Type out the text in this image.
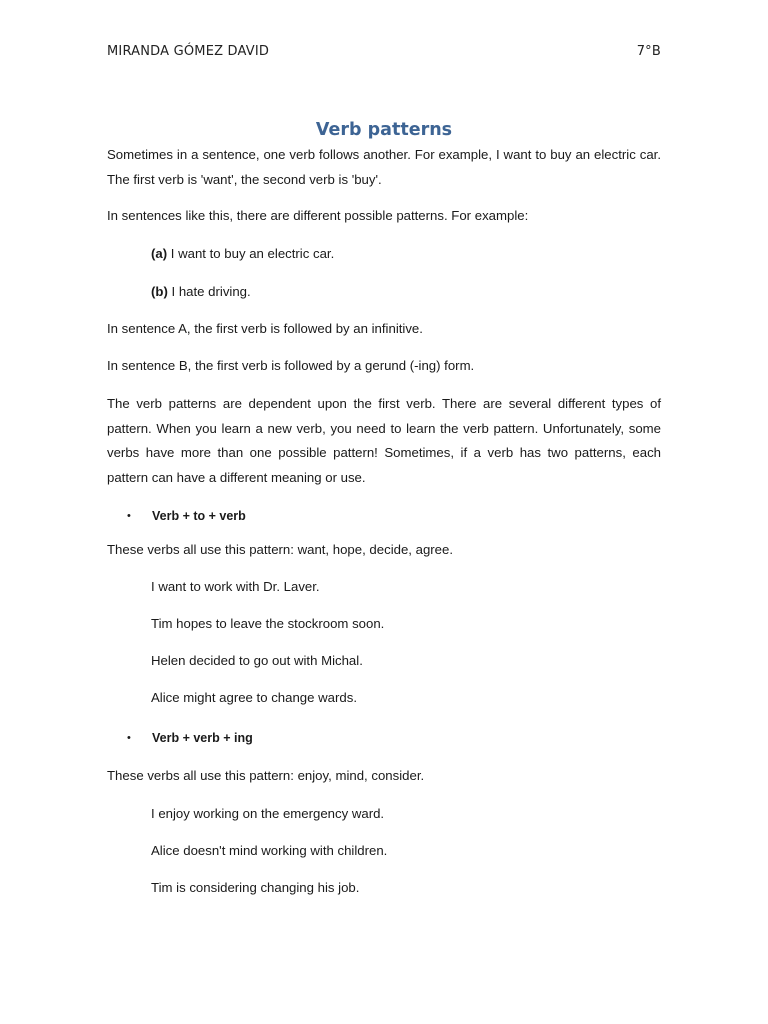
MIRANDA GÓMEZ DAVID	7°B
Verb patterns

Sometimes in a sentence, one verb follows another. For example, I want to buy an electric car. The first verb is 'want', the second verb is 'buy'.

In sentences like this, there are different possible patterns. For example:

(a) I want to buy an electric car.

(b) I hate driving.

In sentence A, the first verb is followed by an infinitive.

In sentence B, the first verb is followed by a gerund (-ing) form.

The verb patterns are dependent upon the first verb. There are several different types of pattern. When you learn a new verb, you need to learn the verb pattern. Unfortunately, some verbs have more than one possible pattern! Sometimes, if a verb has two patterns, each pattern can have a different meaning or use.

• Verb + to + verb

These verbs all use this pattern: want, hope, decide, agree.

I want to work with Dr. Laver.

Tim hopes to leave the stockroom soon.

Helen decided to go out with Michal.

Alice might agree to change wards.

• Verb + verb + ing

These verbs all use this pattern: enjoy, mind, consider.

I enjoy working on the emergency ward.

Alice doesn't mind working with children.

Tim is considering changing his job.
